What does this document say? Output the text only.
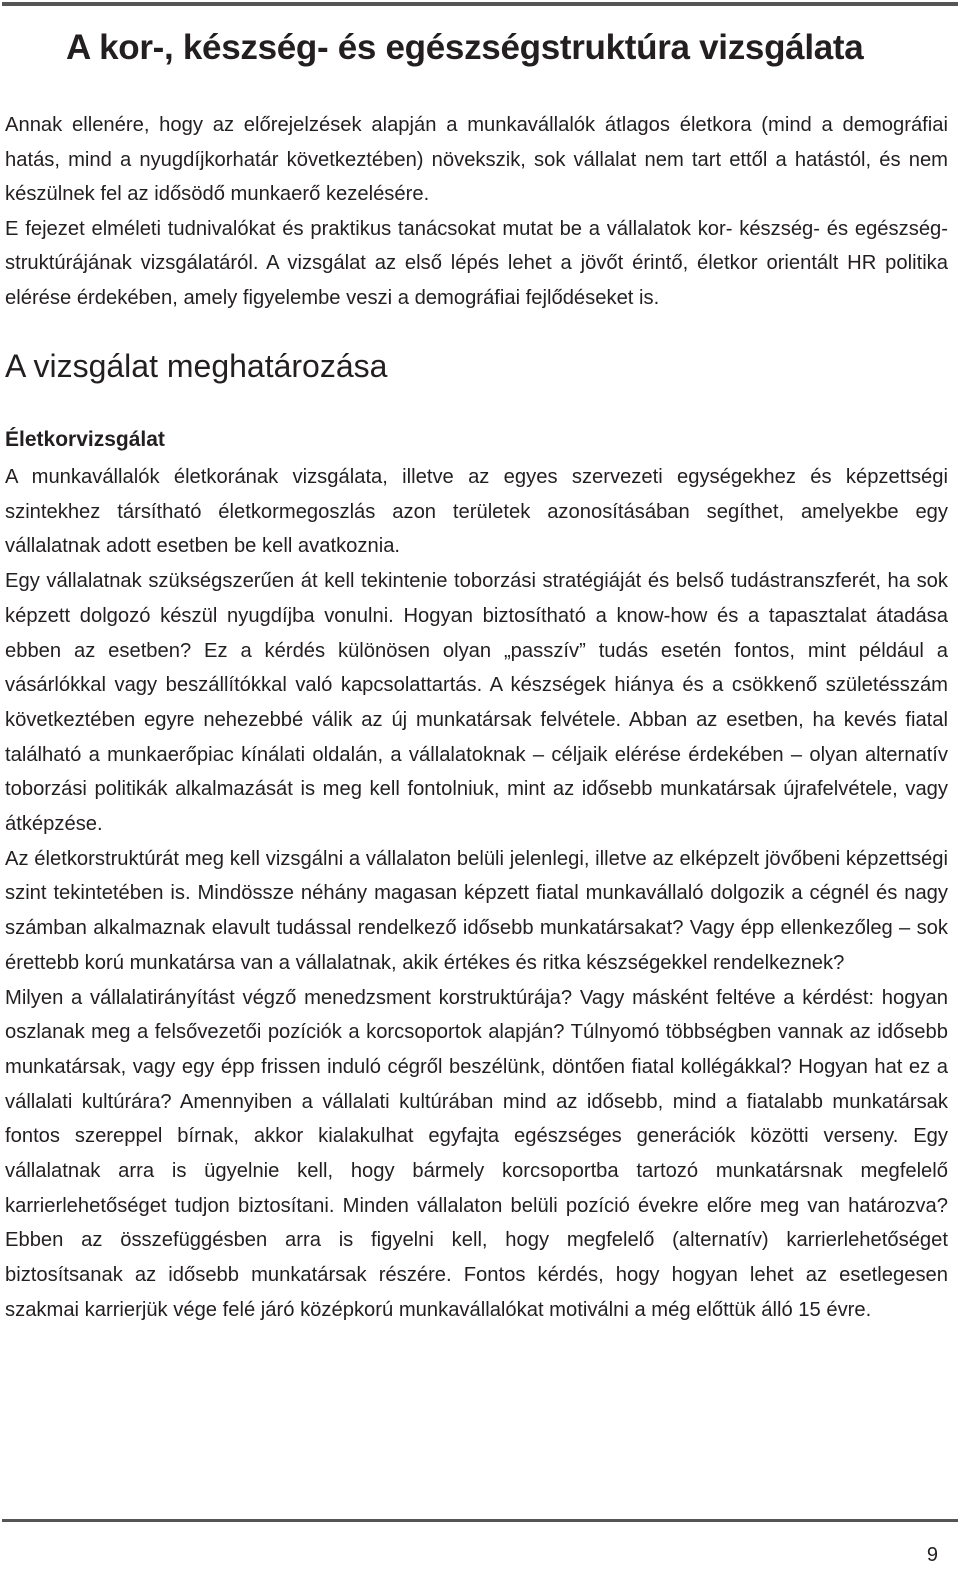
A kor-, készség- és egészségstruktúra vizsgálata

Annak ellenére, hogy az előrejelzések alapján a munkavállalók átlagos életkora (mind a demográfiai hatás, mind a nyugdíjkorhatár következtében) növekszik, sok vállalat nem tart ettől a hatástól, és nem készülnek fel az idősödő munkaerő kezelésére.

E fejezet elméleti tudnivalókat és praktikus tanácsokat mutat be a vállalatok kor- készség- és egészség-struktúrájának vizsgálatáról. A vizsgálat az első lépés lehet a jövőt érintő, életkor orientált HR politika elérése érdekében, amely figyelembe veszi a demográfiai fejlődéseket is.

A vizsgálat meghatározása
Életkorvizsgálat

A munkavállalók életkorának vizsgálata, illetve az egyes szervezeti egységekhez és képzettségi szintekhez társítható életkormegoszlás azon területek azonosításában segíthet, amelyekbe egy vállalatnak adott esetben be kell avatkoznia.

Egy vállalatnak szükségszerűen át kell tekintenie toborzási stratégiáját és belső tudástranszferét, ha sok képzett dolgozó készül nyugdíjba vonulni. Hogyan biztosítható a know-how és a tapasztalat átadása ebben az esetben? Ez a kérdés különösen olyan „passzív” tudás esetén fontos, mint például a vásárlókkal vagy beszállítókkal való kapcsolattartás. A készségek hiánya és a csökkenő születésszám következtében egyre nehezebbé válik az új munkatársak felvétele. Abban az esetben, ha kevés fiatal található a munkaerőpiac kínálati oldalán, a vállalatoknak – céljaik elérése érdekében – olyan alternatív toborzási politikák alkalmazását is meg kell fontolniuk, mint az idősebb munkatársak újrafelvétele, vagy átképzése.

Az életkorstruktúrát meg kell vizsgálni a vállalaton belüli jelenlegi, illetve az elképzelt jövőbeni képzettségi szint tekintetében is. Mindössze néhány magasan képzett fiatal munkavállaló dolgozik a cégnél és nagy számban alkalmaznak elavult tudással rendelkező idősebb munkatársakat? Vagy épp ellenkezőleg – sok érettebb korú munkatársa van a vállalatnak, akik értékes és ritka készségekkel rendelkeznek?

Milyen a vállalatirányítást végző menedzsment korstruktúrája? Vagy másként feltéve a kérdést: hogyan oszlanak meg a felsővezetői pozíciók a korcsoportok alapján? Túlnyomó többségben vannak az idősebb munkatársak, vagy egy épp frissen induló cégről beszélünk, döntően fiatal kollégákkal? Hogyan hat ez a vállalati kultúrára? Amennyiben a vállalati kultúrában mind az idősebb, mind a fiatalabb munkatársak fontos szereppel bírnak, akkor kialakulhat egyfajta egészséges generációk közötti verseny. Egy vállalatnak arra is ügyelnie kell, hogy bármely korcsoportba tartozó munkatársnak megfelelő karrierlehetőséget tudjon biztosítani. Minden vállalaton belüli pozíció évekre előre meg van határozva? Ebben az összefüggésben arra is figyelni kell, hogy megfelelő (alternatív) karrierlehetőséget biztosítsanak az idősebb munkatársak részére. Fontos kérdés, hogy hogyan lehet az esetlegesen szakmai karrierjük vége felé járó középkorú munkavállalókat motiválni a még előttük álló 15 évre.

9
